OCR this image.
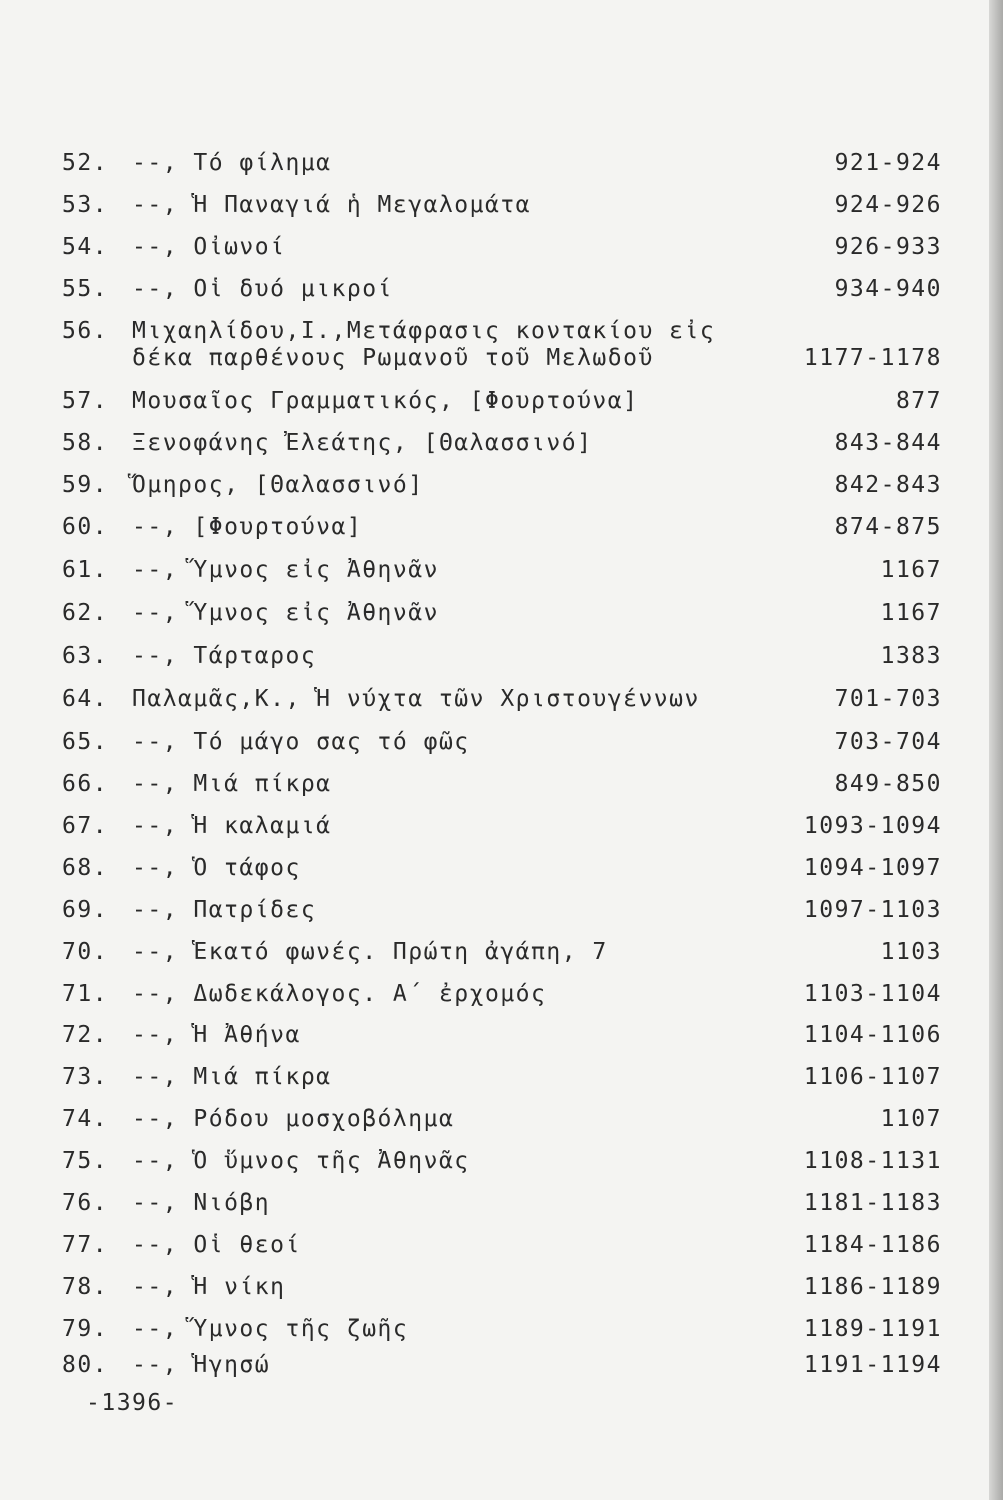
52. --, Τό φίλημα	921-924
53. --, Ἡ Παναγιά ἡ Μεγαλομάτα	924-926
54. --, Οἰωνοί	926-933
55. --, Οἱ δυό μικροί	934-940
56. Μιχαηλίδου,Ι.,Μετάφρασις κοντακίου εἰς
δέκα παρθένους Ρωμανοῦ τοῦ Μελωδοῦ	1177-1178
57. Μουσαῖος Γραμματικός, [Φουρτούνα]	877
58. Ξενοφάνης Ἐλεάτης, [Θαλασσινό]	843-844
59. Ὅμηρος, [Θαλασσινό]	842-843
60. --, [Φουρτούνα]	874-875
61. --, Ὕμνος εἰς Ἀθηνᾶν	1167
62. --, Ὕμνος εἰς Ἀθηνᾶν	1167
63. --, Τάρταρος	1383
64. Παλαμᾶς,Κ., Ἡ νύχτα τῶν Χριστουγέννων	701-703
65. --, Τό μάγο σας τό φῶς	703-704
66. --, Μιά πίκρα	849-850
67. --, Ἡ καλαμιά	1093-1094
68. --, Ὁ τάφος	1094-1097
69. --, Πατρίδες	1097-1103
70. --, Ἑκατό φωνές. Πρώτη ἀγάπη, 7	1103
71. --, Δωδεκάλογος. Α΄ ἐρχομός	1103-1104
72. --, Ἡ Ἀθήνα	1104-1106
73. --, Μιά πίκρα	1106-1107
74. --, Ρόδου μοσχοβόλημα	1107
75. --, Ὁ ὕμνος τῆς Ἀθηνᾶς	1108-1131
76. --, Νιόβη	1181-1183
77. --, Οἱ θεοί	1184-1186
78. --, Ἡ νίκη	1186-1189
79. --, Ὕμνος τῆς ζωῆς	1189-1191
80. --, Ἡγησώ	1191-1194
-1396-
